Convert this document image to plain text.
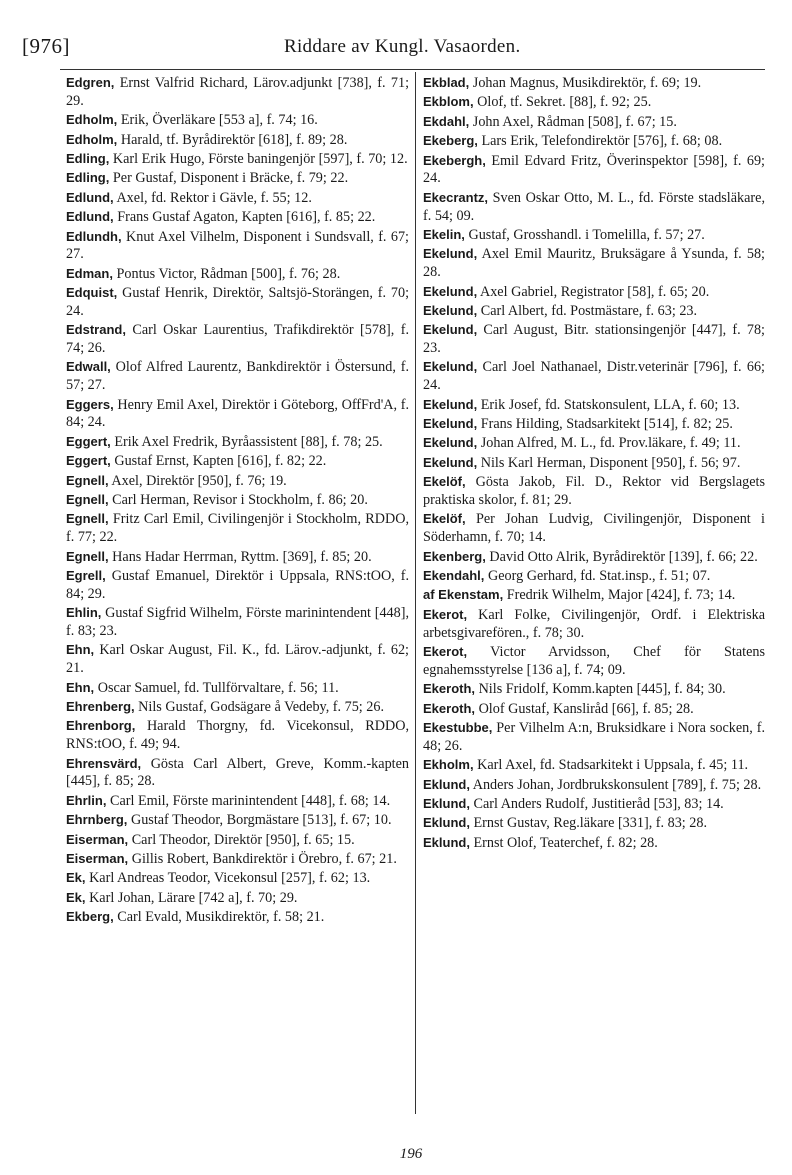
[976]	Riddare av Kungl. Vasaorden.
Edgren, Ernst Valfrid Richard, Lärov.adjunkt [738], f. 71; 29.
Edholm, Erik, Överläkare [553 a], f. 74; 16.
Edholm, Harald, tf. Byrådirektör [618], f. 89; 28.
Edling, Karl Erik Hugo, Förste baningenjör [597], f. 70; 12.
Edling, Per Gustaf, Disponent i Bräcke, f. 79; 22.
Edlund, Axel, fd. Rektor i Gävle, f. 55; 12.
Edlund, Frans Gustaf Agaton, Kapten [616], f. 85; 22.
Edlundh, Knut Axel Vilhelm, Disponent i Sundsvall, f. 67; 27.
Edman, Pontus Victor, Rådman [500], f. 76; 28.
Edquist, Gustaf Henrik, Direktör, Saltsjö-Storängen, f. 70; 24.
Edstrand, Carl Oskar Laurentius, Trafikdirektör [578], f. 74; 26.
Edwall, Olof Alfred Laurentz, Bankdirektör i Östersund, f. 57; 27.
Eggers, Henry Emil Axel, Direktör i Göteborg, OffFrd'A, f. 84; 24.
Eggert, Erik Axel Fredrik, Byråassistent [88], f. 78; 25.
Eggert, Gustaf Ernst, Kapten [616], f. 82; 22.
Egnell, Axel, Direktör [950], f. 76; 19.
Egnell, Carl Herman, Revisor i Stockholm, f. 86; 20.
Egnell, Fritz Carl Emil, Civilingenjör i Stockholm, RDDO, f. 77; 22.
Egnell, Hans Hadar Herrman, Ryttm. [369], f. 85; 20.
Egrell, Gustaf Emanuel, Direktör i Uppsala, RNS:tOO, f. 84; 29.
Ehlin, Gustaf Sigfrid Wilhelm, Förste marinintendent [448], f. 83; 23.
Ehn, Karl Oskar August, Fil. K., fd. Lärov.-adjunkt, f. 62; 21.
Ehn, Oscar Samuel, fd. Tullförvaltare, f. 56; 11.
Ehrenberg, Nils Gustaf, Godsägare å Vedeby, f. 75; 26.
Ehrenborg, Harald Thorgny, fd. Vicekonsul, RDDO, RNS:tOO, f. 49; 94.
Ehrensvärd, Gösta Carl Albert, Greve, Komm.-kapten [445], f. 85; 28.
Ehrlin, Carl Emil, Förste marinintendent [448], f. 68; 14.
Ehrnberg, Gustaf Theodor, Borgmästare [513], f. 67; 10.
Eiserman, Carl Theodor, Direktör [950], f. 65; 15.
Eiserman, Gillis Robert, Bankdirektör i Örebro, f. 67; 21.
Ek, Karl Andreas Teodor, Vicekonsul [257], f. 62; 13.
Ek, Karl Johan, Lärare [742 a], f. 70; 29.
Ekberg, Carl Evald, Musikdirektör, f. 58; 21.
Ekblad, Johan Magnus, Musikdirektör, f. 69; 19.
Ekblom, Olof, tf. Sekret. [88], f. 92; 25.
Ekdahl, John Axel, Rådman [508], f. 67; 15.
Ekeberg, Lars Erik, Telefondirektör [576], f. 68; 08.
Ekebergh, Emil Edvard Fritz, Överinspektor [598], f. 69; 24.
Ekecrantz, Sven Oskar Otto, M. L., fd. Förste stadsläkare, f. 54; 09.
Ekelin, Gustaf, Grosshandl. i Tomelilla, f. 57; 27.
Ekelund, Axel Emil Mauritz, Bruksägare å Ysunda, f. 58; 28.
Ekelund, Axel Gabriel, Registrator [58], f. 65; 20.
Ekelund, Carl Albert, fd. Postmästare, f. 63; 23.
Ekelund, Carl August, Bitr. stationsingenjör [447], f. 78; 23.
Ekelund, Carl Joel Nathanael, Distr.veterinär [796], f. 66; 24.
Ekelund, Erik Josef, fd. Statskonsulent, LLA, f. 60; 13.
Ekelund, Frans Hilding, Stadsarkitekt [514], f. 82; 25.
Ekelund, Johan Alfred, M. L., fd. Prov.läkare, f. 49; 11.
Ekelund, Nils Karl Herman, Disponent [950], f. 56; 97.
Ekelöf, Gösta Jakob, Fil. D., Rektor vid Bergslagets praktiska skolor, f. 81; 29.
Ekelöf, Per Johan Ludvig, Civilingenjör, Disponent i Söderhamn, f. 70; 14.
Ekenberg, David Otto Alrik, Byrådirektör [139], f. 66; 22.
Ekendahl, Georg Gerhard, fd. Stat.insp., f. 51; 07.
af Ekenstam, Fredrik Wilhelm, Major [424], f. 73; 14.
Ekerot, Karl Folke, Civilingenjör, Ordf. i Elektriska arbetsgivarefören., f. 78; 30.
Ekerot, Victor Arvidsson, Chef för Statens egnahemsstyrelse [136 a], f. 74; 09.
Ekeroth, Nils Fridolf, Komm.kapten [445], f. 84; 30.
Ekeroth, Olof Gustaf, Kansliråd [66], f. 85; 28.
Ekestubbe, Per Vilhelm A:n, Bruksidkare i Nora socken, f. 48; 26.
Ekholm, Karl Axel, fd. Stadsarkitekt i Uppsala, f. 45; 11.
Eklund, Anders Johan, Jordbrukskonsulent [789], f. 75; 28.
Eklund, Carl Anders Rudolf, Justitieråd [53], 83; 14.
Eklund, Ernst Gustav, Reg.läkare [331], f. 83; 28.
Eklund, Ernst Olof, Teaterchef, f. 82; 28.
196
